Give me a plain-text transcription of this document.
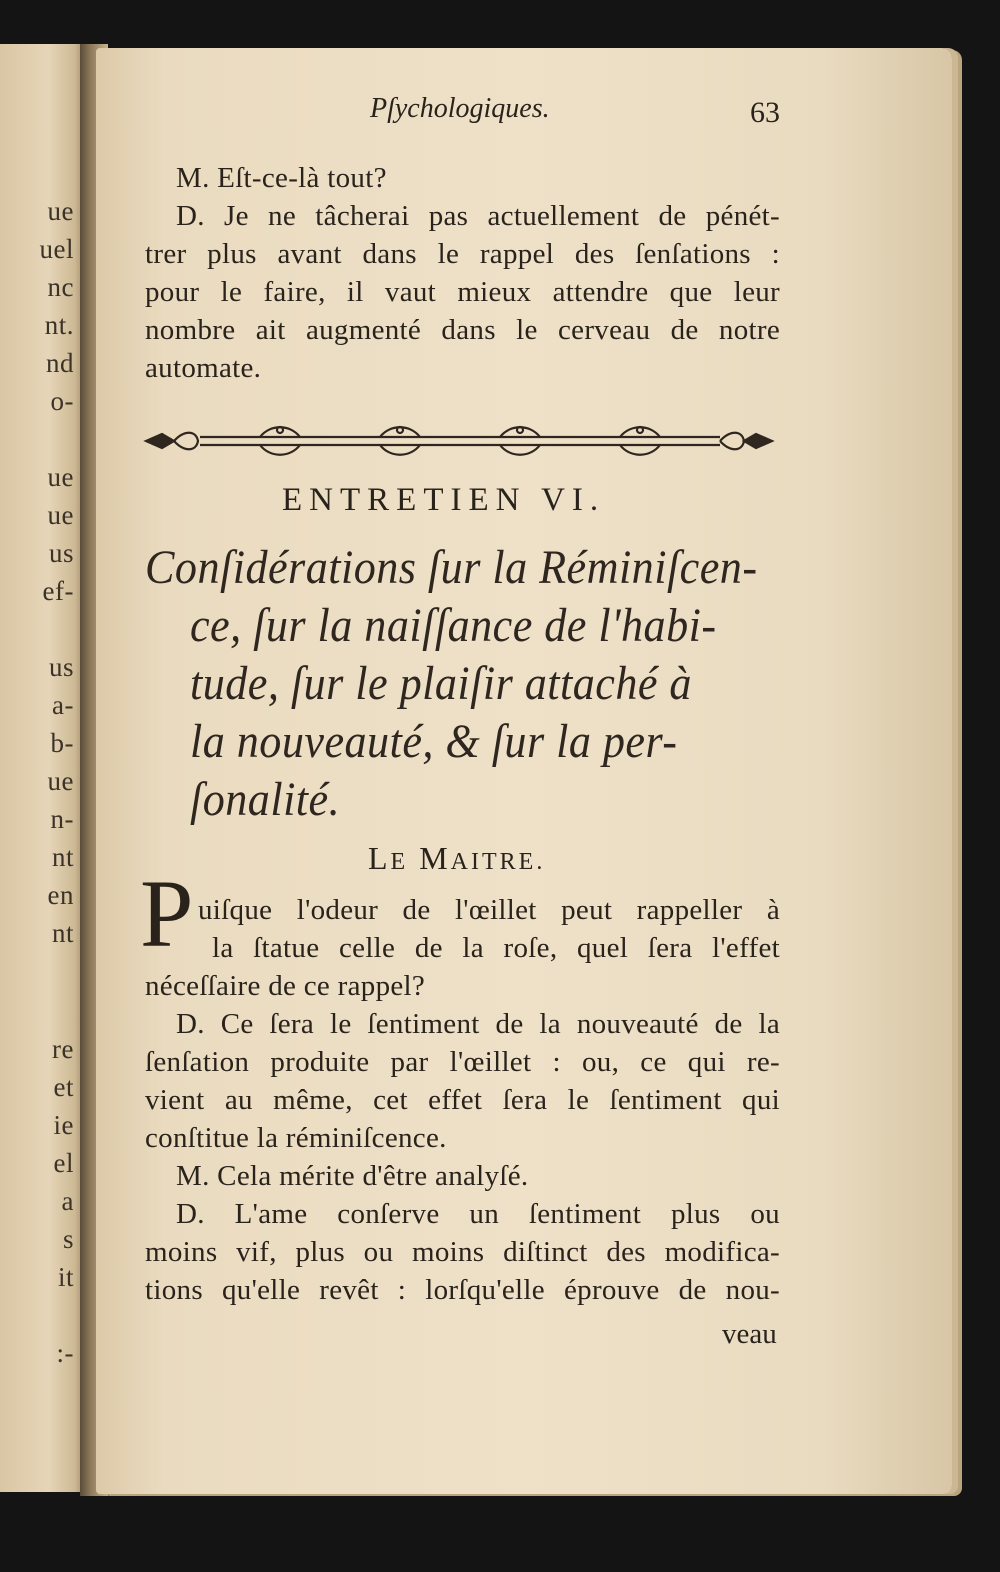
ue
uel
nc
nt.
nd
o-
ue
ue
us
ef-
us
a-
b-
ue
n-
nt
en
nt
re
et
ie
el
a
s
it
:-
Pſychologiques.	63
M. Eſt-ce-là tout?
D. Je ne tâcherai pas actuellement de pénét-
trer plus avant dans le rappel des ſenſations :
pour le faire, il vaut mieux attendre que leur
nombre ait augmenté dans le cerveau de notre
automate.
ENTRETIEN VI.
Conſidérations ſur la Réminiſcen-
ce, ſur la naiſſance de l'habi-
tude, ſur le plaiſir attaché à
la nouveauté, & ſur la per-
ſonalité.
LE MAITRE.
P uiſque l'odeur de l'œillet peut rappeller à
la ſtatue celle de la roſe, quel ſera l'effet
néceſſaire de ce rappel?
D. Ce ſera le ſentiment de la nouveauté de la
ſenſation produite par l'œillet : ou, ce qui re-
vient au même, cet effet ſera le ſentiment qui
conſtitue la réminiſcence.
M. Cela mérite d'être analyſé.
D. L'ame conſerve un ſentiment plus ou
moins vif, plus ou moins diſtinct des modifica-
tions qu'elle revêt : lorſqu'elle éprouve de nou-
veau
